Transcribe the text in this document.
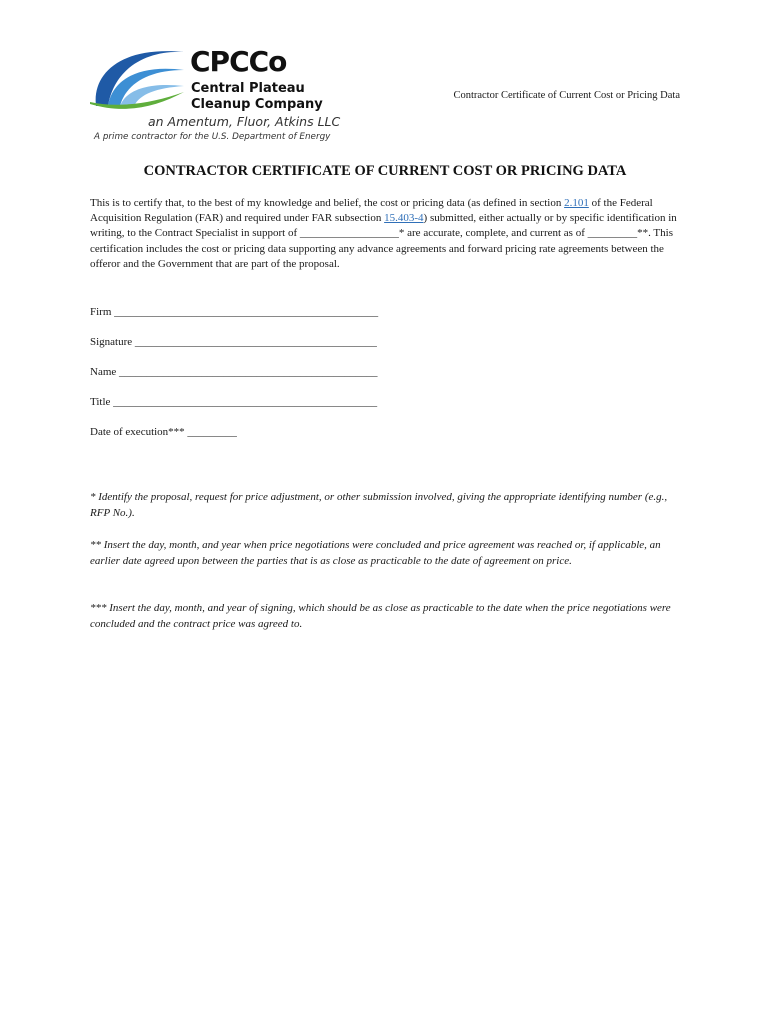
CPCCo
Central Plateau
Cleanup Company
an Amentum, Fluor, Atkins LLC
A prime contractor for the U.S. Department of Energy
Contractor Certificate of Current Cost or Pricing Data
CONTRACTOR CERTIFICATE OF CURRENT COST OR PRICING DATA

This is to certify that, to the best of my knowledge and belief, the cost or pricing data (as defined in section 2.101 of the Federal Acquisition Regulation (FAR) and required under FAR subsection 15.403-4) submitted, either actually or by specific identification in writing, to the Contract Specialist in support of __________________* are accurate, complete, and current as of _________**. This certification includes the cost or pricing data supporting any advance agreements and forward pricing rate agreements between the offeror and the Government that are part of the proposal.

Firm ________________________________________________
Signature ____________________________________________
Name _______________________________________________
Title ________________________________________________
Date of execution*** _________

* Identify the proposal, request for price adjustment, or other submission involved, giving the appropriate identifying number (e.g., RFP No.).

** Insert the day, month, and year when price negotiations were concluded and price agreement was reached or, if applicable, an earlier date agreed upon between the parties that is as close as practicable to the date of agreement on price.

*** Insert the day, month, and year of signing, which should be as close as practicable to the date when the price negotiations were concluded and the contract price was agreed to.
